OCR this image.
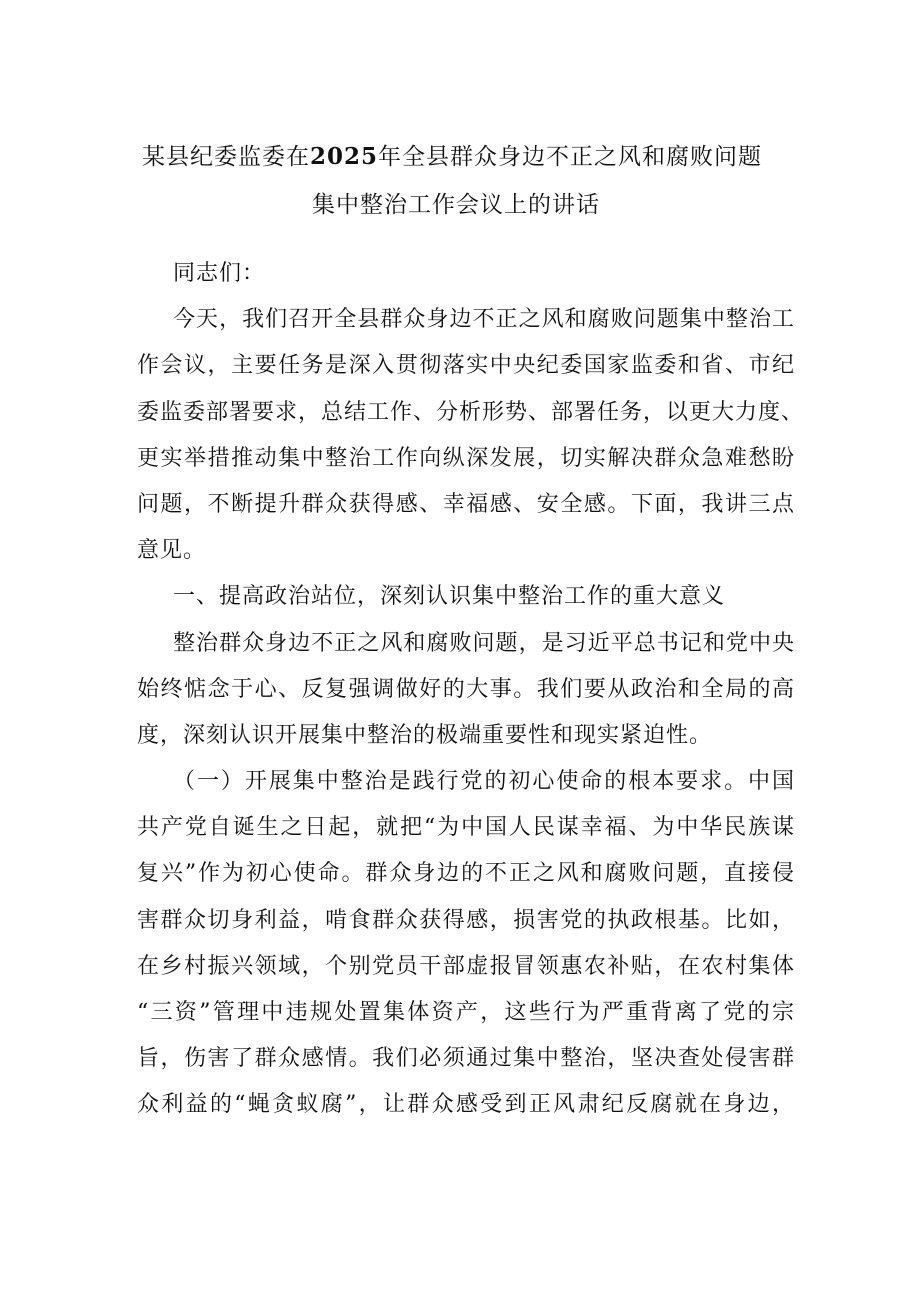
某县纪委监委在2025年全县群众身边不正之风和腐败问题
集中整治工作会议上的讲话
同志们：
今天，我们召开全县群众身边不正之风和腐败问题集中整治工
作会议，主要任务是深入贯彻落实中央纪委国家监委和省、市纪
委监委部署要求，总结工作、分析形势、部署任务，以更大力度、
更实举措推动集中整治工作向纵深发展，切实解决群众急难愁盼
问题，不断提升群众获得感、幸福感、安全感。下面，我讲三点
意见。
一、提高政治站位，深刻认识集中整治工作的重大意义
整治群众身边不正之风和腐败问题，是习近平总书记和党中央
始终惦念于心、反复强调做好的大事。我们要从政治和全局的高
度，深刻认识开展集中整治的极端重要性和现实紧迫性。
（一）开展集中整治是践行党的初心使命的根本要求。中国
共产党自诞生之日起，就把“为中国人民谋幸福、为中华民族谋
复兴”作为初心使命。群众身边的不正之风和腐败问题，直接侵
害群众切身利益，啃食群众获得感，损害党的执政根基。比如，
在乡村振兴领域，个别党员干部虚报冒领惠农补贴，在农村集体
“三资”管理中违规处置集体资产，这些行为严重背离了党的宗
旨，伤害了群众感情。我们必须通过集中整治，坚决查处侵害群
众利益的“蝇贪蚁腐”，让群众感受到正风肃纪反腐就在身边，
